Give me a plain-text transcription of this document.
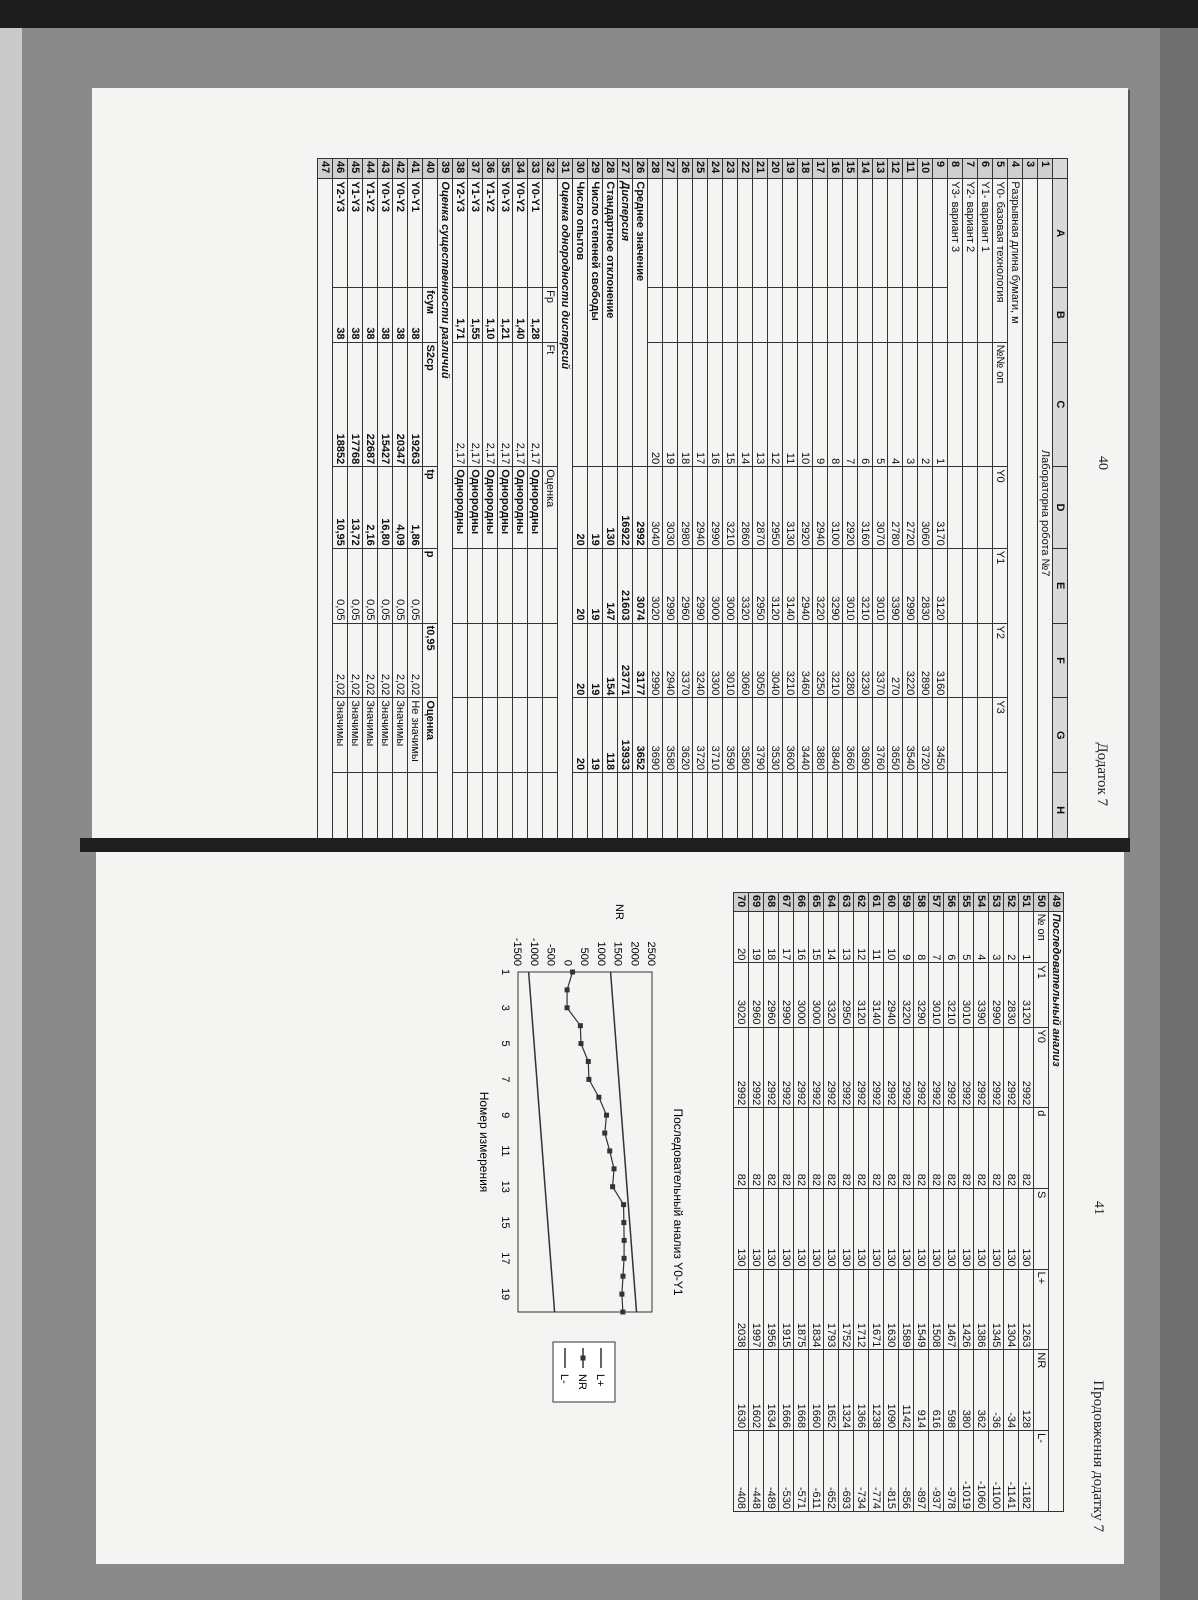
40
Додаток 7
	A	B	C	D	E	F	G	H
1	Лабораторна робота №7							
3								
4	Разрывная длина бумаги, м							
5	Y0- базовая технология		№№ оп	Y0	Y1	Y2	Y3	
6	Y1- вариант 1							
7	Y2- вариант 2							
8	Y3- вариант 3							
9			1	3170	3120	3160	3450	
10			2	3060	2830	2890	3720	
11			3	2720	2990	3220	3540	
12			4	2780	3390	270	3650	
13			5	3070	3010	3370	3760	
14			6	3160	3210	3230	3690	
15			7	2920	3010	3280	3660	
16			8	3100	3290	3210	3840	
17			9	2940	3220	3250	3880	
18			10	2920	2940	3460	3440	
19			11	3130	3140	3210	3600	
20			12	2950	3120	3040	3530	
21			13	2870	2950	3050	3790	
22			14	2860	3320	3060	3580	
23			15	3210	3000	3010	3590	
24			16	2990	3000	3300	3710	
25			17	2940	2990	3240	3720	
26			18	2980	2960	3370	3620	
27			19	3030	2990	2940	3580	
28			20	3040	3020	2990	3690	
26	Среднее значение			2992	3074	3177	3652	
27	Дисперсия			16922	21603	23771	13933	
28	Стандартное отклонение			130	147	154	118	
29	Число степеней свободы			19	19	19	19	
30	Число опытов			20	20	20	20	
31	Оценка однородности дисперсий							
32		Fp	Ft	Оценка				
33	Y0-Y1	1,28	2,17	Однородны				
34	Y0-Y2	1,40	2,17	Однородны				
35	Y0-Y3	1,21	2,17	Однородны				
36	Y1-Y2	1,10	2,17	Однородны				
37	Y1-Y3	1,55	2,17	Однородны				
38	Y2-Y3	1,71	2,17	Однородны				
39	Оценка существенности различий							
40		fсум	S2ср	tp	p	t0,95	Оценка	
41	Y0-Y1	38	19263	1,86	0,05	2,02	Не значимы	
42	Y0-Y2	38	20347	4,09	0,05	2,02	Значимы	
43	Y0-Y3	38	15427	16,80	0,05	2,02	Значимы	
44	Y1-Y2	38	22687	2,16	0,05	2,02	Значимы	
45	Y1-Y3	38	17768	13,72	0,05	2,02	Значимы	
46	Y2-Y3	38	18852	10,95	0,05	2,02	Значимы	
47								
41
Продовження додатку 7
49	Последовательный анализ							
50	№ оп	Y1	Y0	d	S	L+	NR	L-
51	1	3120	2992	82	130	1263	128	-1182
52	2	2830	2992	82	130	1304	-34	-1141
53	3	2990	2992	82	130	1345	-36	-1100
54	4	3390	2992	82	130	1386	362	-1060
55	5	3010	2992	82	130	1426	380	-1019
56	6	3210	2992	82	130	1467	598	-978
57	7	3010	2992	82	130	1508	616	-937
58	8	3290	2992	82	130	1549	914	-897
59	9	3220	2992	82	130	1589	1142	-856
60	10	2940	2992	82	130	1630	1090	-815
61	11	3140	2992	82	130	1671	1238	-774
62	12	3120	2992	82	130	1712	1366	-734
63	13	2950	2992	82	130	1752	1324	-693
64	14	3320	2992	82	130	1793	1652	-652
65	15	3000	2992	82	130	1834	1660	-611
66	16	3000	2992	82	130	1875	1668	-571
67	17	2990	2992	82	130	1915	1666	-530
68	18	2960	2992	82	130	1956	1634	-489
69	19	2960	2992	82	130	1997	1602	-448
70	20	3020	2992	82	130	2038	1630	-408
Последовательный анализ Y0-Y1
-1500 -1000 -500 0 500 1000 1500 2000 2500
1
3
5
7
9
11
13
15
17
19
Номер измерения
NR
L+
NR
L-
